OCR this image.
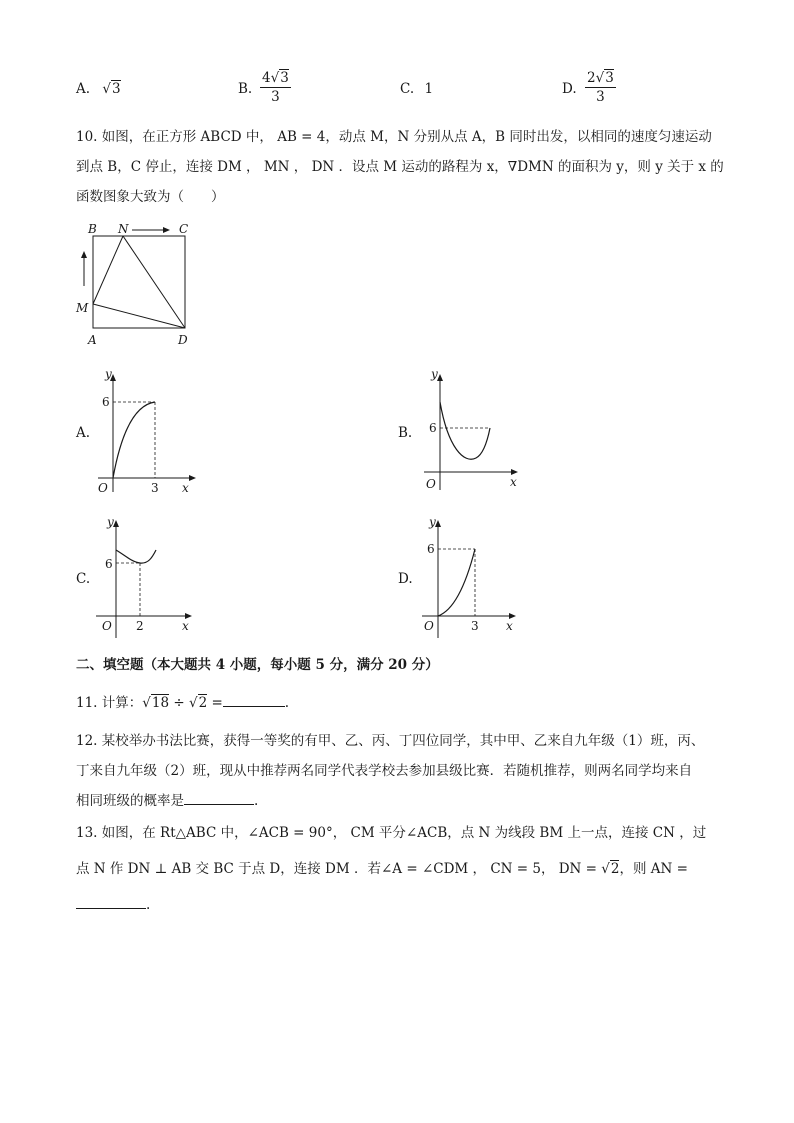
A. √3	B. $\frac{4√3}{3}$	C. 1	D. $\frac{2√3}{3}$
10. 如图，在正方形 ABCD 中， AB = 4，动点 M，N 分别从点 A，B 同时出发，以相同的速度匀速运动
到点 B，C 停止，连接 DM ， MN ， DN ．设点 M 运动的路程为 x，∇DMN 的面积为 y，则 y 关于 x 的
函数图象大致为（　　）
B N	C
M
A	D
A.
y
6
O	3 x
B.
y
6
O	x
C.
y
6
O 2	x
D.
y
6
O	3 x
二、填空题（本大题共 4 小题，每小题 5 分，满分 20 分）
11. 计算：√18 ÷ √2 =	.
12. 某校举办书法比赛，获得一等奖的有甲、乙、丙、丁四位同学，其中甲、乙来自九年级（1）班，丙、
丁来自九年级（2）班，现从中推荐两名同学代表学校去参加县级比赛．若随机推荐，则两名同学均来自
相同班级的概率是	.
13. 如图，在 Rt△ABC 中，∠ACB = 90°， CM 平分∠ACB，点 N 为线段 BM 上一点，连接 CN ，过
点 N 作 DN ⊥ AB 交 BC 于点 D，连接 DM ．若∠A = ∠CDM ， CN = 5， DN = √2，则 AN =
.
